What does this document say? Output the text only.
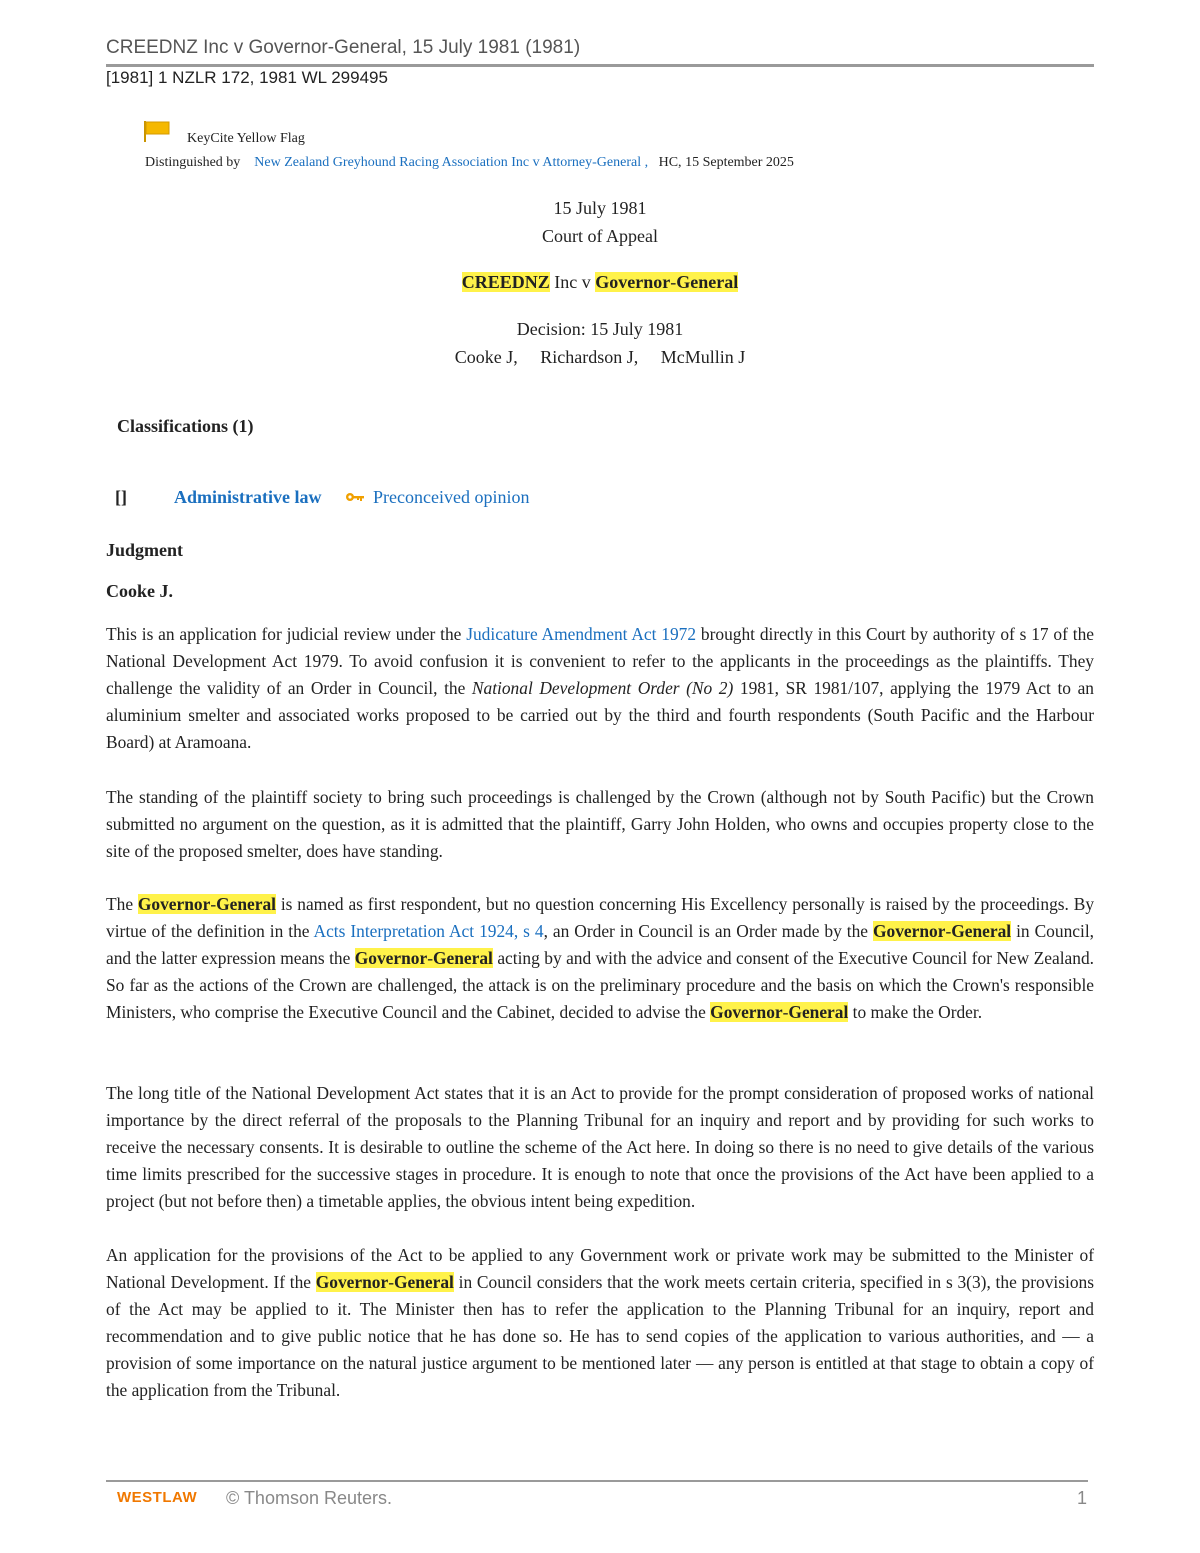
CREEDNZ Inc v Governor-General, 15 July 1981 (1981)
[1981] 1 NZLR 172, 1981 WL 299495
KeyCite Yellow Flag
Distinguished by New Zealand Greyhound Racing Association Inc v Attorney-General , HC, 15 September 2025
15 July 1981
Court of Appeal
CREEDNZ Inc v Governor-General
Decision: 15 July 1981
Cooke J, Richardson J, McMullin J
Classifications (1)
[]	Administrative law	Preconceived opinion
Judgment
Cooke J.
This is an application for judicial review under the Judicature Amendment Act 1972 brought directly in this Court by authority of s 17 of the National Development Act 1979. To avoid confusion it is convenient to refer to the applicants in the proceedings as the plaintiffs. They challenge the validity of an Order in Council, the National Development Order (No 2) 1981, SR 1981/107, applying the 1979 Act to an aluminium smelter and associated works proposed to be carried out by the third and fourth respondents (South Pacific and the Harbour Board) at Aramoana.
The standing of the plaintiff society to bring such proceedings is challenged by the Crown (although not by South Pacific) but the Crown submitted no argument on the question, as it is admitted that the plaintiff, Garry John Holden, who owns and occupies property close to the site of the proposed smelter, does have standing.
The Governor-General is named as first respondent, but no question concerning His Excellency personally is raised by the proceedings. By virtue of the definition in the Acts Interpretation Act 1924, s 4, an Order in Council is an Order made by the Governor-General in Council, and the latter expression means the Governor-General acting by and with the advice and consent of the Executive Council for New Zealand. So far as the actions of the Crown are challenged, the attack is on the preliminary procedure and the basis on which the Crown's responsible Ministers, who comprise the Executive Council and the Cabinet, decided to advise the Governor-General to make the Order.
The long title of the National Development Act states that it is an Act to provide for the prompt consideration of proposed works of national importance by the direct referral of the proposals to the Planning Tribunal for an inquiry and report and by providing for such works to receive the necessary consents. It is desirable to outline the scheme of the Act here. In doing so there is no need to give details of the various time limits prescribed for the successive stages in procedure. It is enough to note that once the provisions of the Act have been applied to a project (but not before then) a timetable applies, the obvious intent being expedition.
An application for the provisions of the Act to be applied to any Government work or private work may be submitted to the Minister of National Development. If the Governor-General in Council considers that the work meets certain criteria, specified in s 3(3), the provisions of the Act may be applied to it. The Minister then has to refer the application to the Planning Tribunal for an inquiry, report and recommendation and to give public notice that he has done so. He has to send copies of the application to various authorities, and — a provision of some importance on the natural justice argument to be mentioned later — any person is entitled at that stage to obtain a copy of the application from the Tribunal.
WESTLAW © Thomson Reuters.	1
